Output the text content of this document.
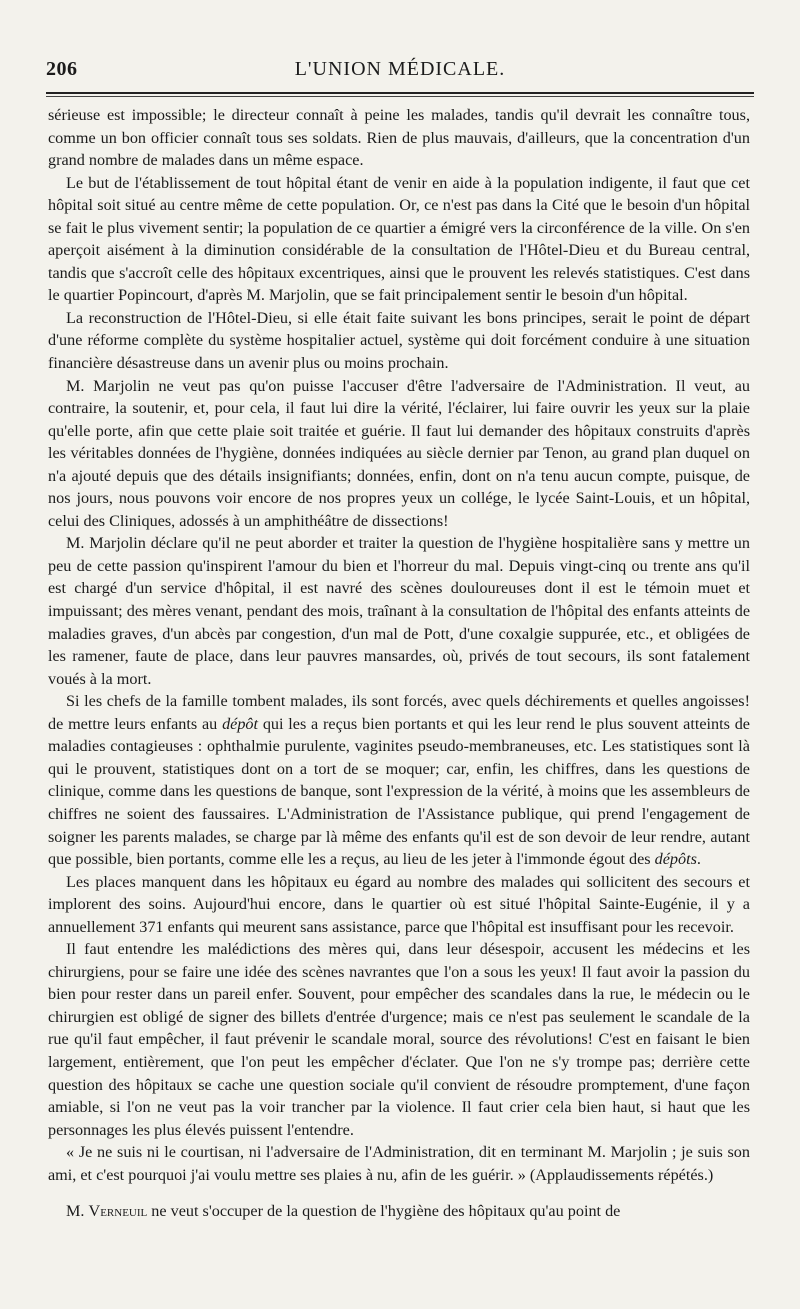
206	L'UNION MÉDICALE.

sérieuse est impossible; le directeur connaît à peine les malades, tandis qu'il devrait les connaître tous, comme un bon officier connaît tous ses soldats. Rien de plus mauvais, d'ailleurs, que la concentration d'un grand nombre de malades dans un même espace.

Le but de l'établissement de tout hôpital étant de venir en aide à la population indigente, il faut que cet hôpital soit situé au centre même de cette population. Or, ce n'est pas dans la Cité que le besoin d'un hôpital se fait le plus vivement sentir; la population de ce quartier a émigré vers la circonférence de la ville. On s'en aperçoit aisément à la diminution considérable de la consultation de l'Hôtel-Dieu et du Bureau central, tandis que s'accroît celle des hôpitaux excentriques, ainsi que le prouvent les relevés statistiques. C'est dans le quartier Popincourt, d'après M. Marjolin, que se fait principalement sentir le besoin d'un hôpital.

La reconstruction de l'Hôtel-Dieu, si elle était faite suivant les bons principes, serait le point de départ d'une réforme complète du système hospitalier actuel, système qui doit forcément conduire à une situation financière désastreuse dans un avenir plus ou moins prochain.

M. Marjolin ne veut pas qu'on puisse l'accuser d'être l'adversaire de l'Administration. Il veut, au contraire, la soutenir, et, pour cela, il faut lui dire la vérité, l'éclairer, lui faire ouvrir les yeux sur la plaie qu'elle porte, afin que cette plaie soit traitée et guérie. Il faut lui demander des hôpitaux construits d'après les véritables données de l'hygiène, données indiquées au siècle dernier par Tenon, au grand plan duquel on n'a ajouté depuis que des détails insignifiants; données, enfin, dont on n'a tenu aucun compte, puisque, de nos jours, nous pouvons voir encore de nos propres yeux un collége, le lycée Saint-Louis, et un hôpital, celui des Cliniques, adossés à un amphithéâtre de dissections!

M. Marjolin déclare qu'il ne peut aborder et traiter la question de l'hygiène hospitalière sans y mettre un peu de cette passion qu'inspirent l'amour du bien et l'horreur du mal. Depuis vingt-cinq ou trente ans qu'il est chargé d'un service d'hôpital, il est navré des scènes douloureuses dont il est le témoin muet et impuissant; des mères venant, pendant des mois, traînant à la consultation de l'hôpital des enfants atteints de maladies graves, d'un abcès par congestion, d'un mal de Pott, d'une coxalgie suppurée, etc., et obligées de les ramener, faute de place, dans leur pauvres mansardes, où, privés de tout secours, ils sont fatalement voués à la mort.

Si les chefs de la famille tombent malades, ils sont forcés, avec quels déchirements et quelles angoisses! de mettre leurs enfants au dépôt qui les a reçus bien portants et qui les leur rend le plus souvent atteints de maladies contagieuses : ophthalmie purulente, vaginites pseudo-membraneuses, etc. Les statistiques sont là qui le prouvent, statistiques dont on a tort de se moquer; car, enfin, les chiffres, dans les questions de clinique, comme dans les questions de banque, sont l'expression de la vérité, à moins que les assembleurs de chiffres ne soient des faussaires. L'Administration de l'Assistance publique, qui prend l'engagement de soigner les parents malades, se charge par là même des enfants qu'il est de son devoir de leur rendre, autant que possible, bien portants, comme elle les a reçus, au lieu de les jeter à l'immonde égout des dépôts.

Les places manquent dans les hôpitaux eu égard au nombre des malades qui sollicitent des secours et implorent des soins. Aujourd'hui encore, dans le quartier où est situé l'hôpital Sainte-Eugénie, il y a annuellement 371 enfants qui meurent sans assistance, parce que l'hôpital est insuffisant pour les recevoir.

Il faut entendre les malédictions des mères qui, dans leur désespoir, accusent les médecins et les chirurgiens, pour se faire une idée des scènes navrantes que l'on a sous les yeux! Il faut avoir la passion du bien pour rester dans un pareil enfer. Souvent, pour empêcher des scandales dans la rue, le médecin ou le chirurgien est obligé de signer des billets d'entrée d'urgence; mais ce n'est pas seulement le scandale de la rue qu'il faut empêcher, il faut prévenir le scandale moral, source des révolutions! C'est en faisant le bien largement, entièrement, que l'on peut les empêcher d'éclater. Que l'on ne s'y trompe pas; derrière cette question des hôpitaux se cache une question sociale qu'il convient de résoudre promptement, d'une façon amiable, si l'on ne veut pas la voir trancher par la violence. Il faut crier cela bien haut, si haut que les personnages les plus élevés puissent l'entendre.

« Je ne suis ni le courtisan, ni l'adversaire de l'Administration, dit en terminant M. Marjolin ; je suis son ami, et c'est pourquoi j'ai voulu mettre ses plaies à nu, afin de les guérir. » (Applaudissements répétés.)

M. Verneuil ne veut s'occuper de la question de l'hygiène des hôpitaux qu'au point de
